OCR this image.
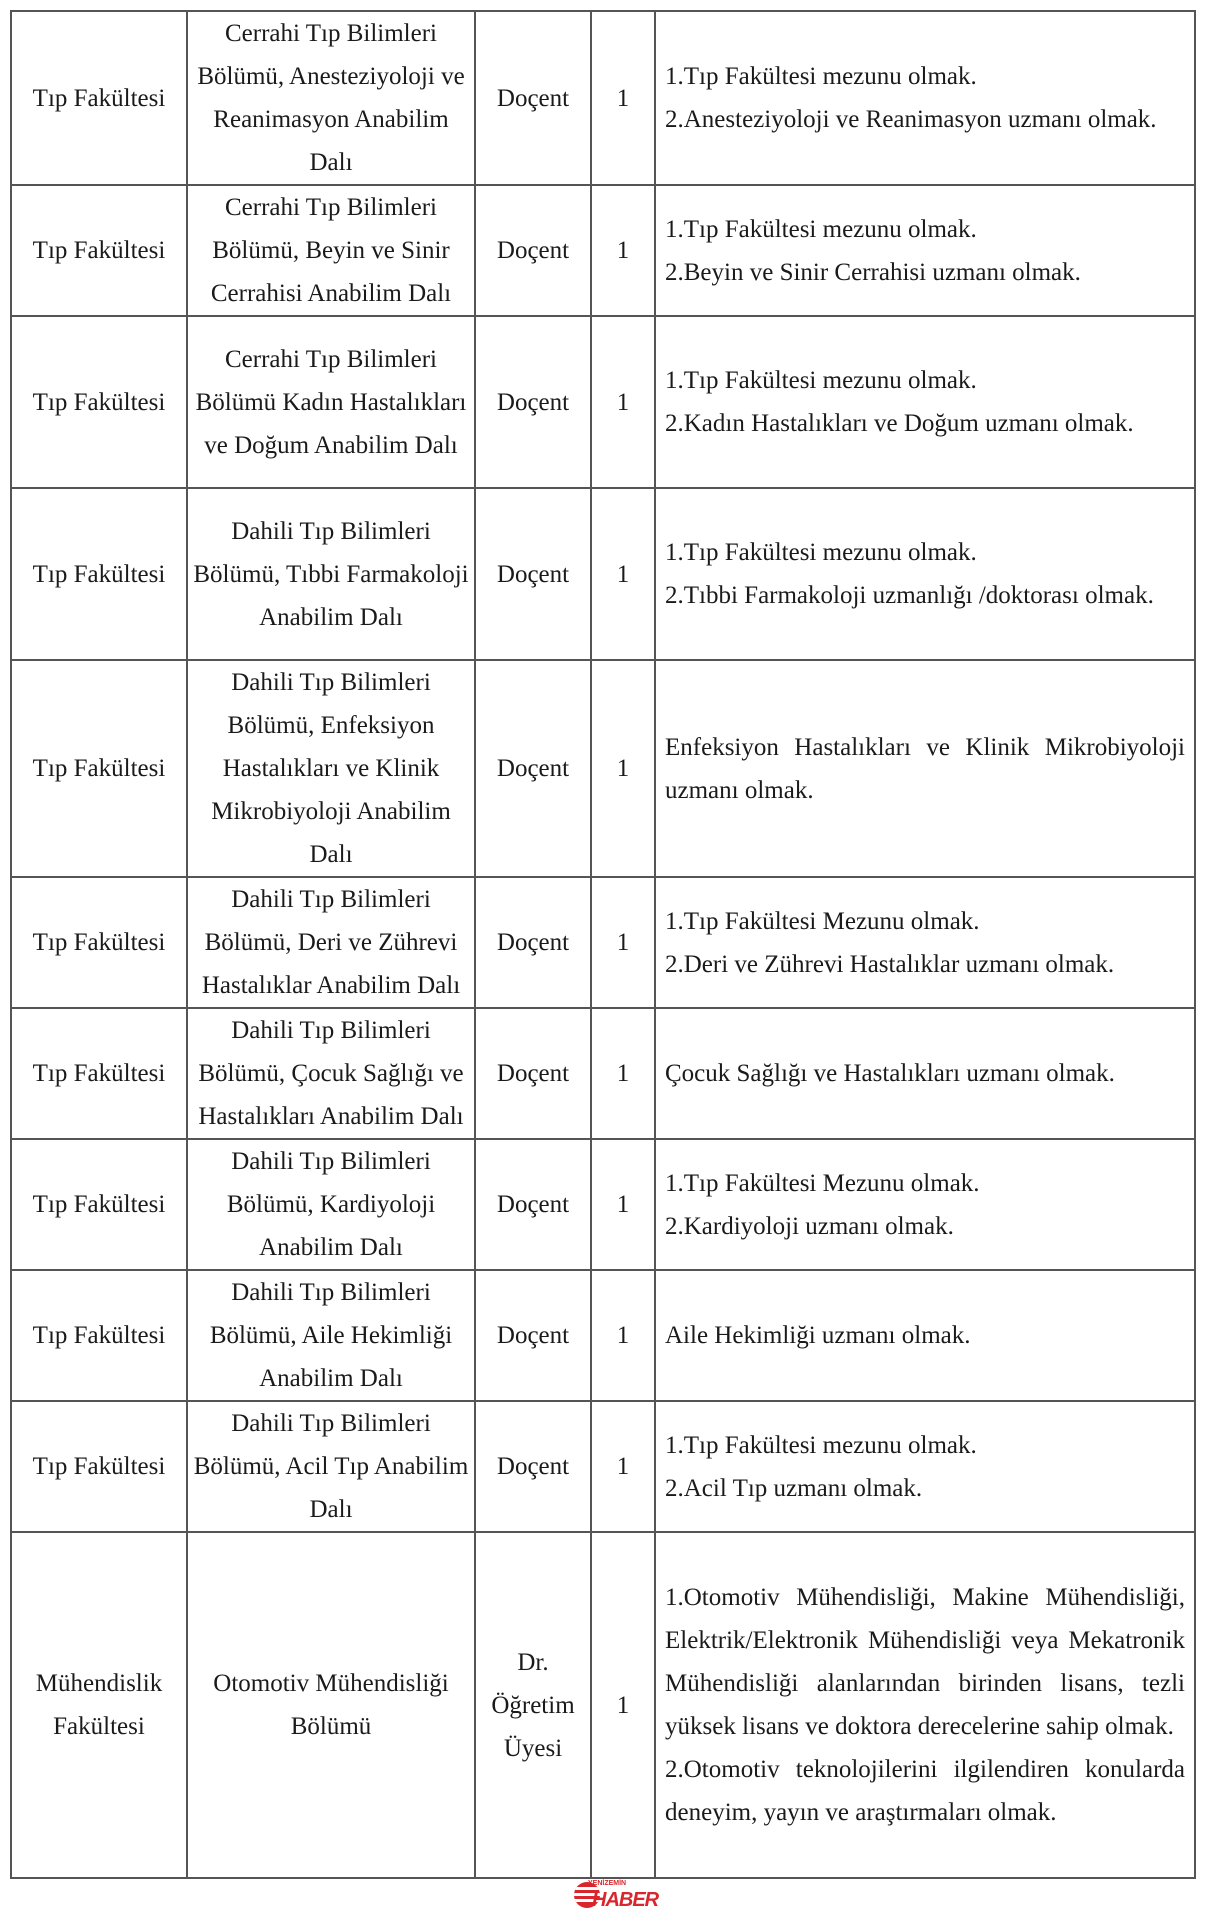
Tıp Fakültesi	Cerrahi Tıp Bilimleri Bölümü, Anesteziyoloji ve Reanimasyon Anabilim Dalı	Doçent	1	1.Tıp Fakültesi mezunu olmak.
2.Anesteziyoloji ve Reanimasyon uzmanı olmak.

Tıp Fakültesi	Cerrahi Tıp Bilimleri Bölümü, Beyin ve Sinir Cerrahisi Anabilim Dalı	Doçent	1	1.Tıp Fakültesi mezunu olmak.
2.Beyin ve Sinir Cerrahisi uzmanı olmak.

Tıp Fakültesi	Cerrahi Tıp Bilimleri Bölümü Kadın Hastalıkları ve Doğum Anabilim Dalı	Doçent	1	1.Tıp Fakültesi mezunu olmak.
2.Kadın Hastalıkları ve Doğum uzmanı olmak.

Tıp Fakültesi	Dahili Tıp Bilimleri Bölümü, Tıbbi Farmakoloji Anabilim Dalı	Doçent	1	1.Tıp Fakültesi mezunu olmak.
2.Tıbbi Farmakoloji uzmanlığı /doktorası olmak.

Tıp Fakültesi	Dahili Tıp Bilimleri Bölümü, Enfeksiyon Hastalıkları ve Klinik Mikrobiyoloji Anabilim Dalı	Doçent	1	Enfeksiyon Hastalıkları ve Klinik Mikrobiyoloji uzmanı olmak.

Tıp Fakültesi	Dahili Tıp Bilimleri Bölümü, Deri ve Zührevi Hastalıklar Anabilim Dalı	Doçent	1	1.Tıp Fakültesi Mezunu olmak.
2.Deri ve Zührevi Hastalıklar uzmanı olmak.

Tıp Fakültesi	Dahili Tıp Bilimleri Bölümü, Çocuk Sağlığı ve Hastalıkları Anabilim Dalı	Doçent	1	Çocuk Sağlığı ve Hastalıkları uzmanı olmak.

Tıp Fakültesi	Dahili Tıp Bilimleri Bölümü, Kardiyoloji Anabilim Dalı	Doçent	1	1.Tıp Fakültesi Mezunu olmak.
2.Kardiyoloji uzmanı olmak.

Tıp Fakültesi	Dahili Tıp Bilimleri Bölümü, Aile Hekimliği Anabilim Dalı	Doçent	1	Aile Hekimliği uzmanı olmak.

Tıp Fakültesi	Dahili Tıp Bilimleri Bölümü, Acil Tıp Anabilim Dalı	Doçent	1	1.Tıp Fakültesi mezunu olmak.
2.Acil Tıp uzmanı olmak.

Mühendislik Fakültesi	Otomotiv Mühendisliği Bölümü	Dr. Öğretim Üyesi	1	1.Otomotiv Mühendisliği, Makine Mühendisliği, Elektrik/Elektronik Mühendisliği veya Mekatronik Mühendisliği alanlarından birinden lisans, tezli yüksek lisans ve doktora derecelerine sahip olmak.
2.Otomotiv teknolojilerini ilgilendiren konularda deneyim, yayın ve araştırmaları olmak.
YENİZEMİN
HABER
